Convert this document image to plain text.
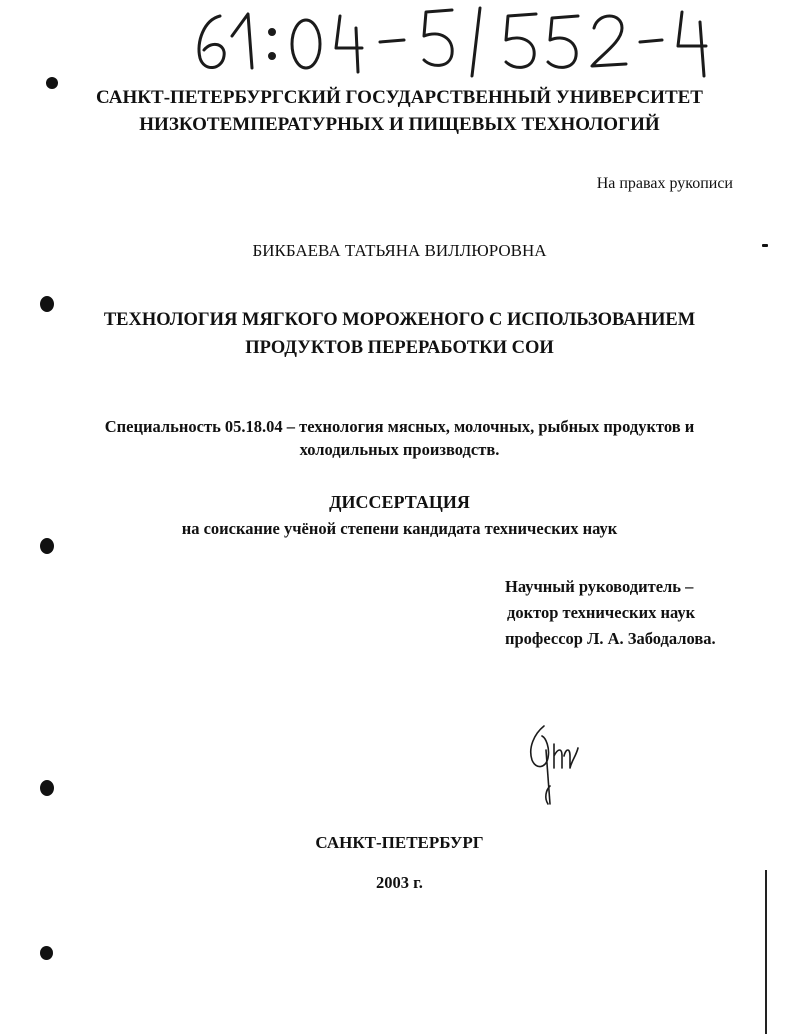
САНКТ-ПЕТЕРБУРГСКИЙ ГОСУДАРСТВЕННЫЙ УНИВЕРСИТЕТ
НИЗКОТЕМПЕРАТУРНЫХ И ПИЩЕВЫХ ТЕХНОЛОГИЙ
На правах рукописи
БИКБАЕВА ТАТЬЯНА ВИЛЛЮРОВНА
ТЕХНОЛОГИЯ МЯГКОГО МОРОЖЕНОГО С ИСПОЛЬЗОВАНИЕМ
ПРОДУКТОВ ПЕРЕРАБОТКИ СОИ
Специальность 05.18.04 – технология мясных, молочных, рыбных продуктов и
холодильных производств.
ДИССЕРТАЦИЯ
на соискание учёной степени кандидата технических наук
Научный руководитель –
доктор технических наук
профессор Л. А. Забодалова.
САНКТ-ПЕТЕРБУРГ
2003 г.
